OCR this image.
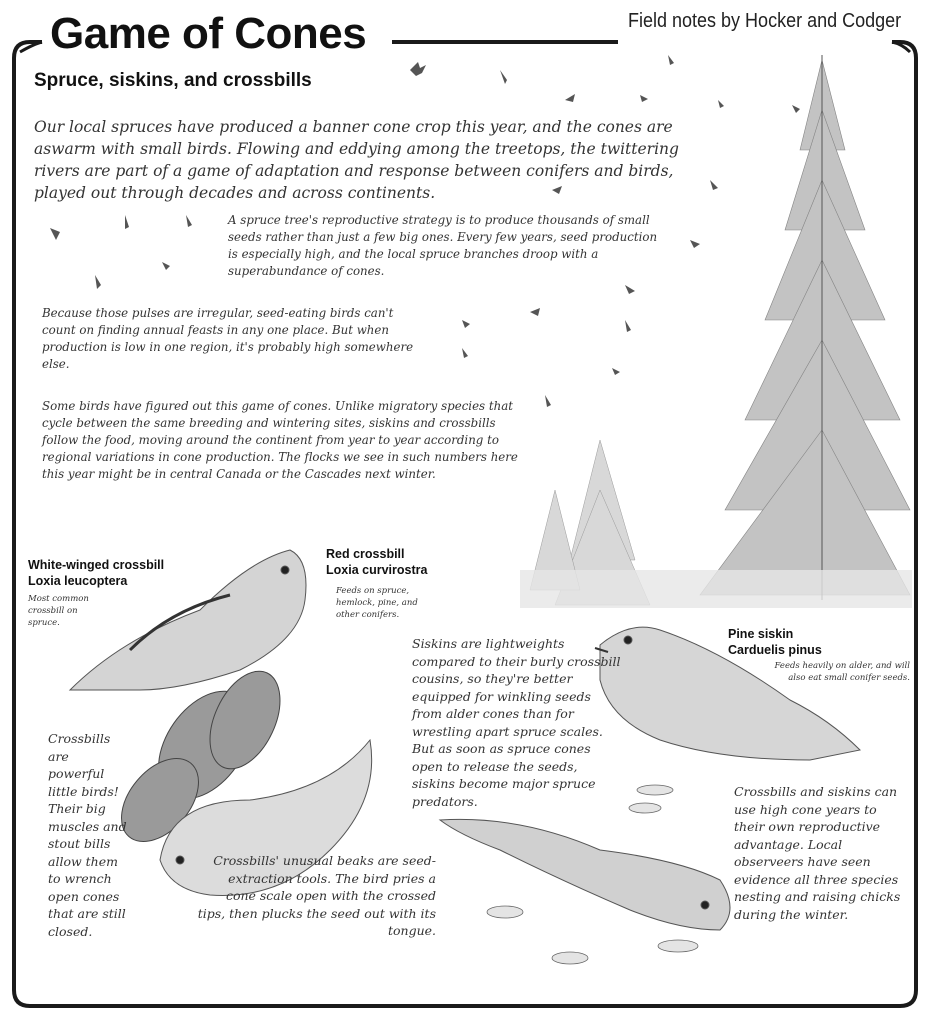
Game of Cones	Field notes by Hocker and Codger
Spruce, siskins, and crossbills
Our local spruces have produced a banner cone crop this year, and the cones are aswarm with small birds. Flowing and eddying among the treetops, the twittering rivers are part of a game of adaptation and response between conifers and birds, played out through decades and across continents.
A spruce tree's reproductive strategy is to produce thousands of small seeds rather than just a few big ones. Every few years, seed production is especially high, and the local spruce branches droop with a superabundance of cones.
Because those pulses are irregular, seed-eating birds can't count on finding annual feasts in any one place. But when production is low in one region, it's probably high somewhere else.
Some birds have figured out this game of cones. Unlike migratory species that cycle between the same breeding and wintering sites, siskins and crossbills follow the food, moving around the continent from year to year according to regional variations in cone production. The flocks we see in such numbers here this year might be in central Canada or the Cascades next winter.
White-winged crossbill
Loxia leucoptera
Most common crossbill on spruce.
Red crossbill
Loxia curvirostra
Feeds on spruce, hemlock, pine, and other conifers.
Pine siskin
Carduelis pinus
Feeds heavily on alder, and will also eat small conifer seeds.
Crossbills are powerful little birds! Their big muscles and stout bills allow them to wrench open cones that are still closed.
Siskins are lightweights compared to their burly crossbill cousins, so they're better equipped for winkling seeds from alder cones than for wrestling apart spruce scales. But as soon as spruce cones open to release the seeds, siskins become major spruce predators.
Crossbills and siskins can use high cone years to their own reproductive advantage. Local observeers have seen evidence all three species nesting and raising chicks during the winter.
Crossbills' unusual beaks are seed-extraction tools. The bird pries a cone scale open with the crossed tips, then plucks the seed out with its tongue.
